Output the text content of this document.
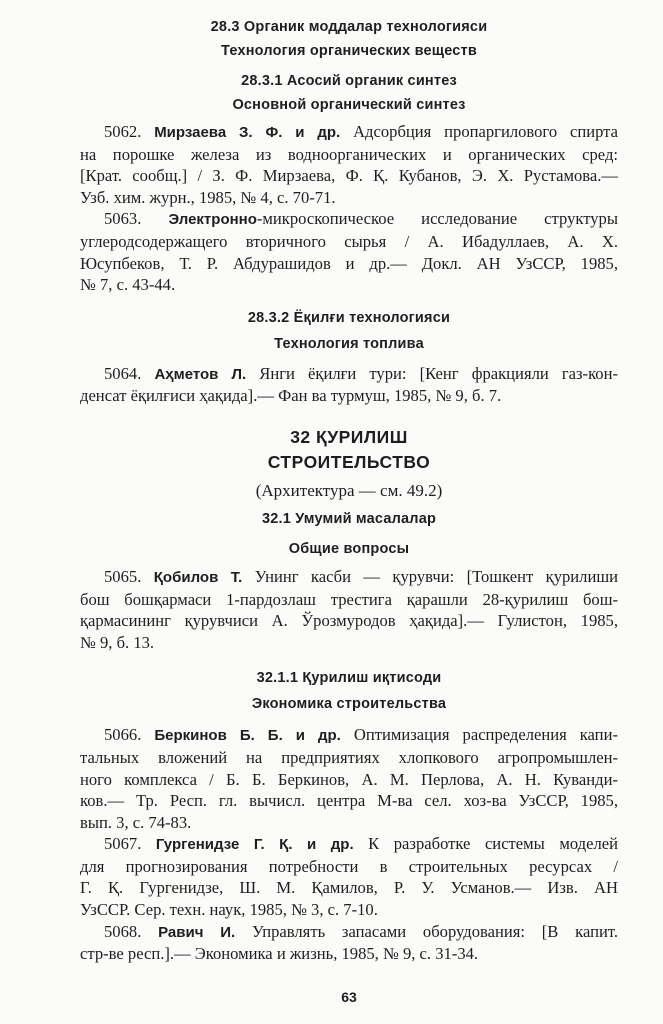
28.3 Органик моддалар технологияси
Технология органических веществ
28.3.1 Асосий органик синтез
Основной органический синтез
5062. Мирзаева З. Ф. и др. Адсорбция пропаргилового спирта
на порошке железа из водноорганических и органических сред:
[Крат. сообщ.] / З. Ф. Мирзаева, Ф. Қ. Кубанов, Э. Х. Рустамова.—
Узб. хим. журн., 1985, № 4, с. 70-71.
5063. Электронно-микроскопическое исследование структуры
углеродсодержащего вторичного сырья / А. Ибадуллаев, А. Х.
Юсупбеков, Т. Р. Абдурашидов и др.— Докл. АН УзССР, 1985,
№ 7, с. 43-44.
28.3.2 Ёқилғи технологияси
Технология топлива
5064. Аҳметов Л. Янги ёқилғи тури: [Кенг фракцияли газ-кон-
денсат ёқилғиси ҳақида].— Фан ва турмуш, 1985, № 9, б. 7.
32 ҚУРИЛИШ
СТРОИТЕЛЬСТВО
(Архитектура — см. 49.2)
32.1 Умумий масалалар
Общие вопросы
5065. Қобилов Т. Унинг касби — қурувчи: [Тошкент қурилиши
бош бошқармаси 1-пардозлаш трестига қарашли 28-қурилиш бош-
қармасининг қурувчиси А. Ўрозмуродов ҳақида].— Гулистон, 1985,
№ 9, б. 13.
32.1.1 Қурилиш иқтисоди
Экономика строительства
5066. Беркинов Б. Б. и др. Оптимизация распределения капи-
тальных вложений на предприятиях хлопкового агропромышлен-
ного комплекса / Б. Б. Беркинов, А. М. Перлова, А. Н. Куванди-
ков.— Тр. Респ. гл. вычисл. центра М-ва сел. хоз-ва УзССР, 1985,
вып. 3, с. 74-83.
5067. Гургенидзе Г. Қ. и др. К разработке системы моделей
для прогнозирования потребности в строительных ресурсах /
Г. Қ. Гургенидзе, Ш. М. Қамилов, Р. У. Усманов.— Изв. АН
УзССР. Сер. техн. наук, 1985, № 3, с. 7-10.
5068. Равич И. Управлять запасами оборудования: [В капит.
стр-ве респ.].— Экономика и жизнь, 1985, № 9, с. 31-34.
63
